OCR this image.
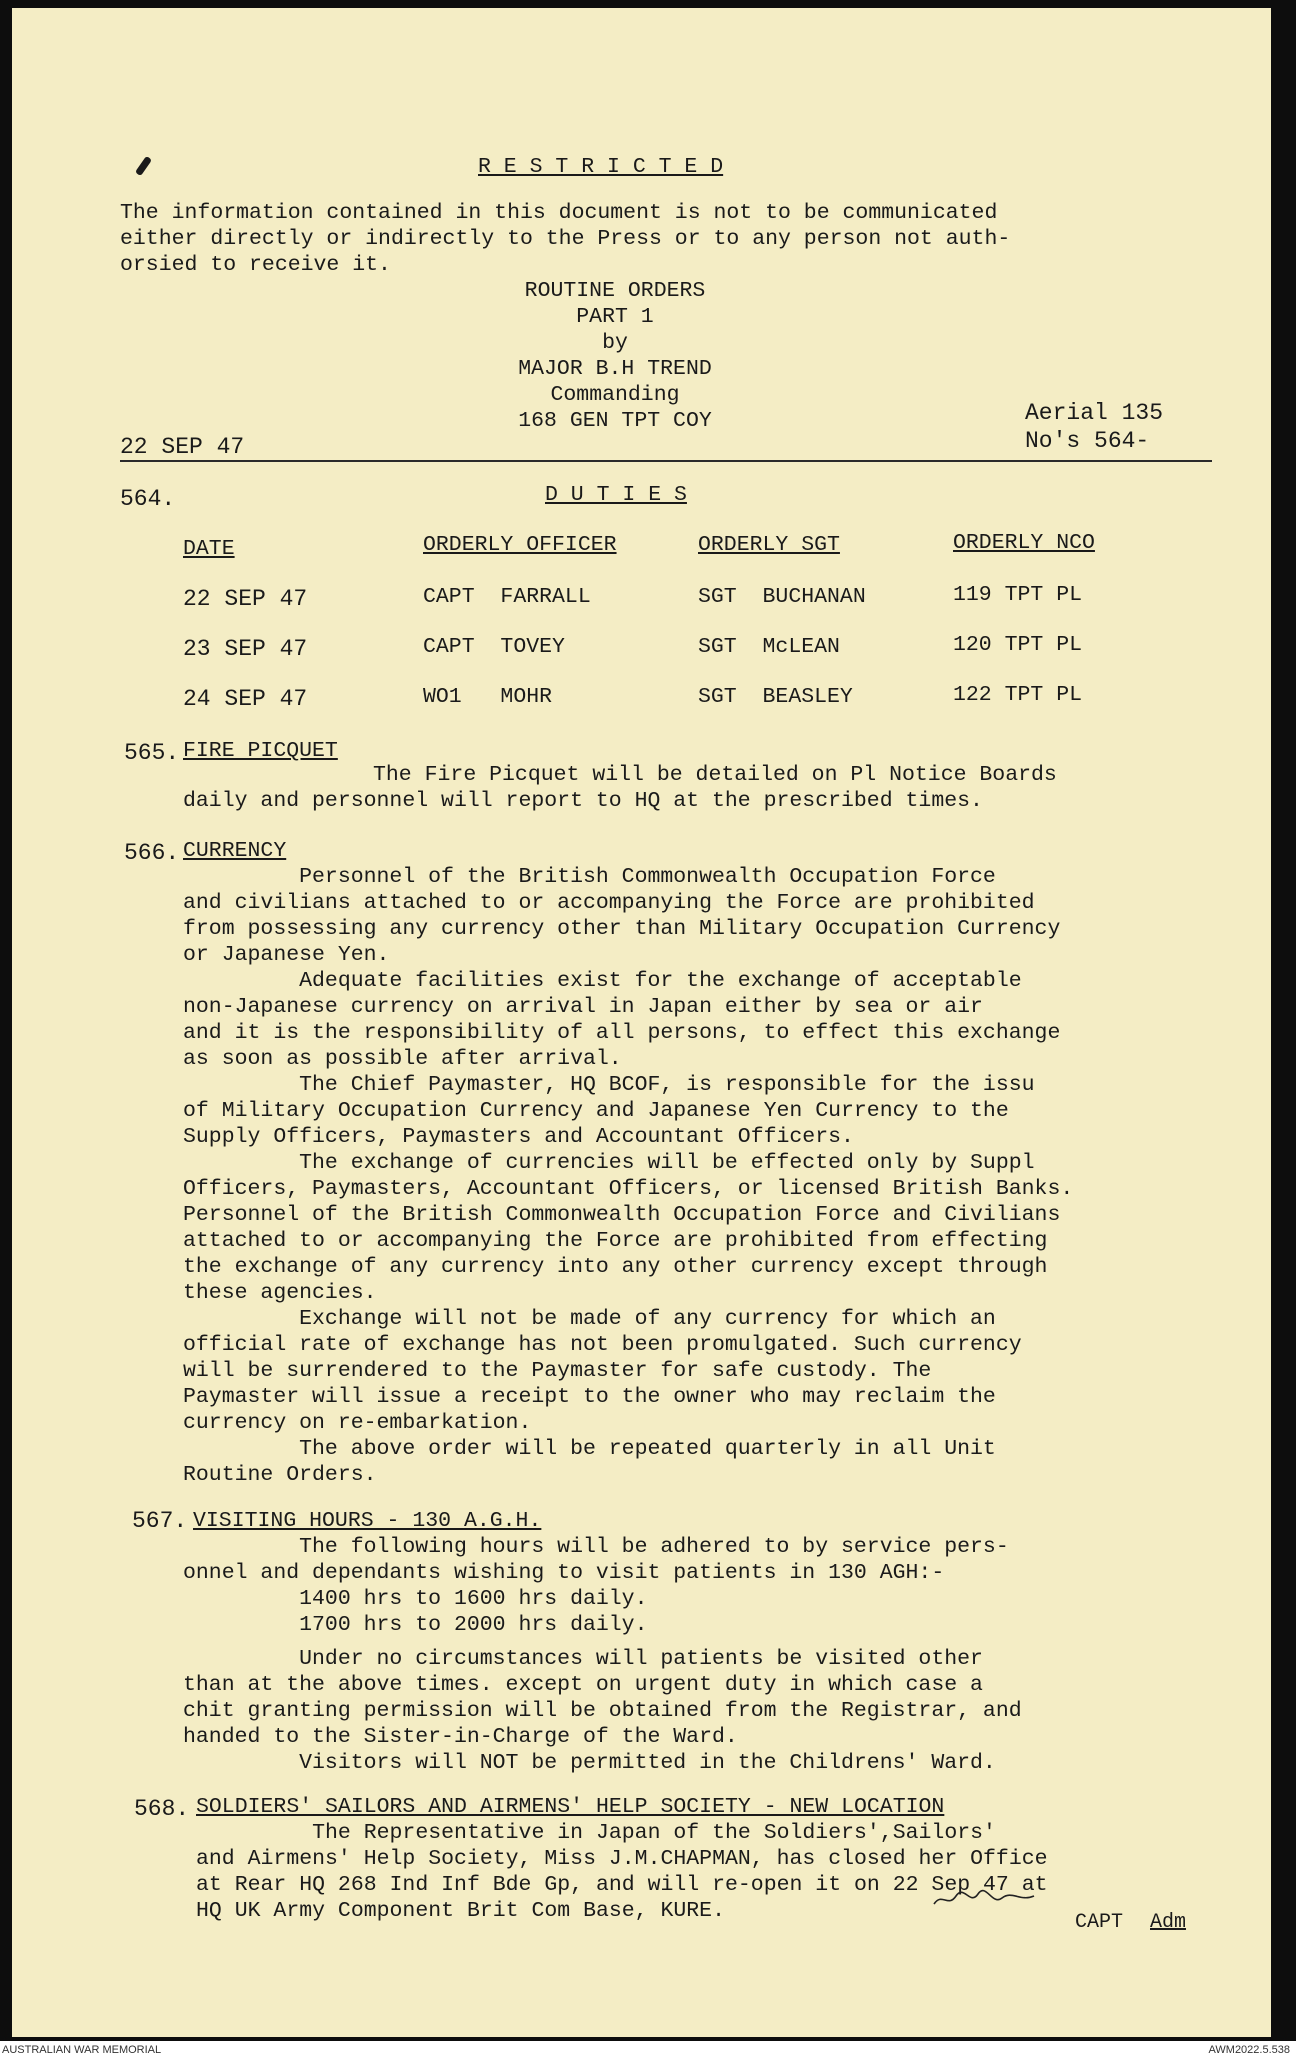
R E S T R I C T E D
The information contained in this document is not to be communicated
either directly or indirectly to the Press or to any person not auth-
orsied to receive it.
ROUTINE ORDERS
PART 1
by
MAJOR B.H TREND
Commanding
168 GEN TPT COY
22 SEP 47
Aerial 135
No's 564-
564.	D U T I E S
DATE	ORDERLY OFFICER	ORDERLY SGT	ORDERLY NCO
22 SEP 47	CAPT  FARRALL	SGT  BUCHANAN	119 TPT PL
23 SEP 47	CAPT  TOVEY	SGT  McLEAN	120 TPT PL
24 SEP 47	WO1   MOHR	SGT  BEASLEY	122 TPT PL
565. FIRE PICQUET
The Fire Picquet will be detailed on Pl Notice Boards
daily and personnel will report to HQ at the prescribed times.
566. CURRENCY
Personnel of the British Commonwealth Occupation Force
and civilians attached to or accompanying the Force are prohibited
from possessing any currency other than Military Occupation Currency
or Japanese Yen.
Adequate facilities exist for the exchange of acceptable
non-Japanese currency on arrival in Japan either by sea or air
and it is the responsibility of all persons, to effect this exchange
as soon as possible after arrival.
The Chief Paymaster, HQ BCOF, is responsible for the issu
of Military Occupation Currency and Japanese Yen Currency to the
Supply Officers, Paymasters and Accountant Officers.
The exchange of currencies will be effected only by Suppl
Officers, Paymasters, Accountant Officers, or licensed British Banks.
Personnel of the British Commonwealth Occupation Force and Civilians
attached to or accompanying the Force are prohibited from effecting
the exchange of any currency into any other currency except through
these agencies.
Exchange will not be made of any currency for which an
official rate of exchange has not been promulgated. Such currency
will be surrendered to the Paymaster for safe custody. The
Paymaster will issue a receipt to the owner who may reclaim the
currency on re-embarkation.
The above order will be repeated quarterly in all Unit
Routine Orders.
567. VISITING HOURS - 130 A.G.H.
The following hours will be adhered to by service pers-
onnel and dependants wishing to visit patients in 130 AGH:-
1400 hrs to 1600 hrs daily.
1700 hrs to 2000 hrs daily.
Under no circumstances will patients be visited other
than at the above times. except on urgent duty in which case a
chit granting permission will be obtained from the Registrar, and
handed to the Sister-in-Charge of the Ward.
Visitors will NOT be permitted in the Childrens' Ward.
568. SOLDIERS' SAILORS AND AIRMENS' HELP SOCIETY - NEW LOCATION
The Representative in Japan of the Soldiers',Sailors'
and Airmens' Help Society, Miss J.M.CHAPMAN, has closed her Office
at Rear HQ 268 Ind Inf Bde Gp, and will re-open it on 22 Sep 47 at
HQ UK Army Component Brit Com Base, KURE.	CAPT Adm
AUSTRALIAN WAR MEMORIAL	AWM2022.5.538
